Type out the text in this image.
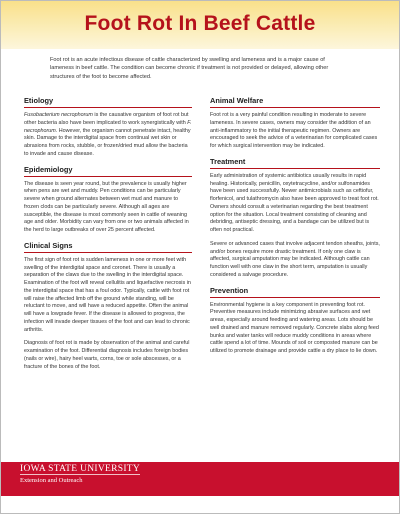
Foot Rot In Beef Cattle
Foot rot is an acute infectious disease of cattle characterized by swelling and lameness and is a major cause of lameness in beef cattle. The condition can become chronic if treatment is not provided or delayed, allowing other structures of the foot to become affected.
Etiology
Fusobacterium necrophorum is the causative organism of foot rot but other bacteria also have been implicated to work synergistically with F. necrophorum. However, the organism cannot penetrate intact, healthy skin. Damage to the interdigital space from continual wet skin or abrasions from rocks, stubble, or frozen/dried mud allow the bacteria to invade and cause disease.
Epidemiology
The disease is seen year round, but the prevalence is usually higher when pens are wet and muddy. Pen conditions can be particularly severe when ground alternates between wet mud and manure to frozen clods can be particularly severe. Although all ages are susceptible, the disease is most commonly seen in cattle of weaning age and older. Morbidity can vary from one or two animals affected in the herd to large outbreaks of over 25 percent affected.
Clinical Signs
The first sign of foot rot is sudden lameness in one or more feet with swelling of the interdigital space and coronet. There is usually a separation of the claws due to the swelling in the interdigital space. Examination of the foot will reveal cellulitis and liquefactive necrosis in the interdigital space that has a foul odor. Typically, cattle with foot rot will raise the affected limb off the ground while standing, will be reluctant to move, and will have a reduced appetite. Often the animal will have a lowgrade fever. If the disease is allowed to progress, the infection will invade deeper tissues of the foot and can lead to chronic arthritis.
Diagnosis of foot rot is made by observation of the animal and careful examination of the foot. Differential diagnosis includes foreign bodies (nails or wire), hairy heel warts, corns, toe or sole abscesses, or a fracture of the bones of the foot.
Animal Welfare
Foot rot is a very painful condition resulting in moderate to severe lameness. In severe cases, owners may consider the addition of an anti-inflammatory to the initial therapeutic regimen. Owners are encouraged to seek the advice of a veterinarian for complicated cases for which surgical intervention may be indicated.
Treatment
Early administration of systemic antibiotics usually results in rapid healing. Historically, penicillin, oxytetracycline, and/or sulfonamides have been used successfully. Newer antimicrobials such as ceftiofur, florfenicol, and tulathromycin also have been approved to treat foot rot. Owners should consult a veterinarian regarding the best treatment option for the situation. Local treatment consisting of cleaning and debriding, antiseptic dressing, and a bandage can be utilized but is often not practical.
Severe or advanced cases that involve adjacent tendon sheaths, joints, and/or bones require more drastic treatment. If only one claw is affected, surgical amputation may be indicated. Although cattle can function well with one claw in the short term, amputation is usually considered a salvage procedure.
Prevention
Environmental hygiene is a key component in preventing foot rot. Preventive measures include minimizing abrasive surfaces and wet areas, especially around feeding and watering areas. Lots should be well drained and manure removed regularly. Concrete slabs along feed bunks and water tanks will reduce muddy conditions in areas where cattle spend a lot of time. Mounds of soil or composted manure can be utilized to promote drainage and provide cattle a dry place to lie down.
IOWA STATE UNIVERSITY
Extension and Outreach
